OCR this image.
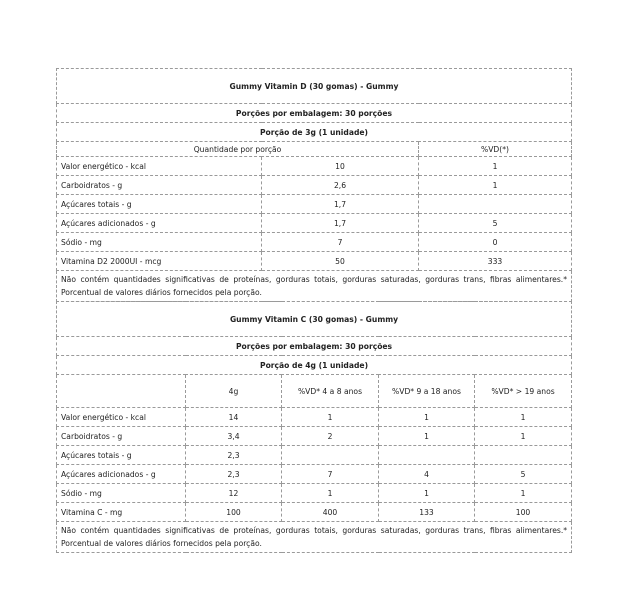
Gummy Vitamin D (30 gomas) - Gummy		
Porções por embalagem: 30 porções		
Porção de 3g (1 unidade)		
Quantidade por porção		%VD(*)
Valor energético - kcal	10	1
Carboidratos - g	2,6	1
Açúcares totais - g	1,7	
Açúcares adicionados - g	1,7	5
Sódio - mg	7	0
Vitamina D2 2000UI - mcg	50	333
Não contém quantidades significativas de proteínas, gorduras totais, gorduras saturadas, gorduras trans, fibras alimentares.* Porcentual de valores diários fornecidos pela porção.		
Gummy Vitamin C (30 gomas) - Gummy				
Porções por embalagem: 30 porções				
Porção de 4g (1 unidade)				
	4g	%VD* 4 a 8 anos	%VD* 9 a 18 anos	%VD* > 19 anos
Valor energético - kcal	14	1	1	1
Carboidratos - g	3,4	2	1	1
Açúcares totais - g	2,3			
Açúcares adicionados - g	2,3	7	4	5
Sódio - mg	12	1	1	1
Vitamina C - mg	100	400	133	100
Não contém quantidades significativas de proteínas, gorduras totais, gorduras saturadas, gorduras trans, fibras alimentares.* Porcentual de valores diários fornecidos pela porção.				
